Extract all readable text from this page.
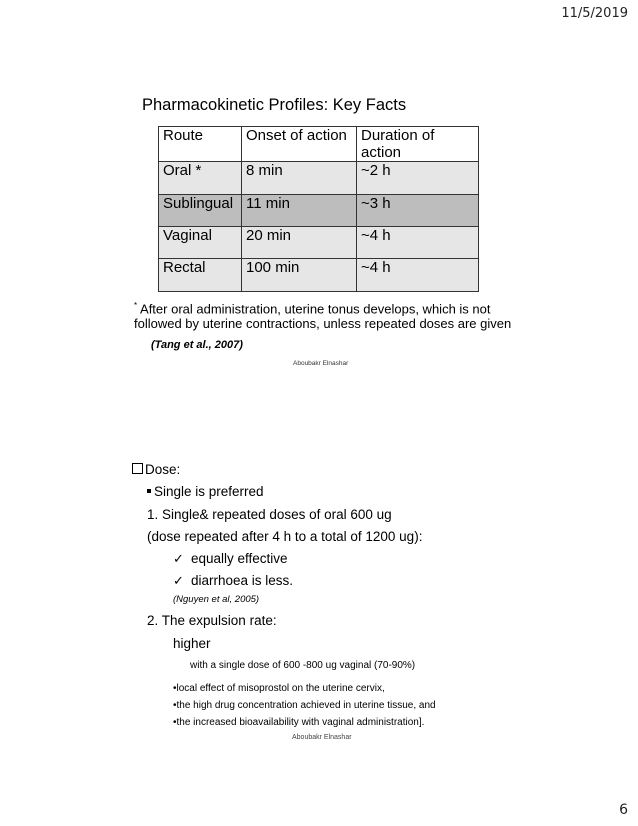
11/5/2019
Pharmacokinetic Profiles: Key Facts
Route	Onset of action	Duration of action
Oral *	8 min	~2 h
Sublingual	11 min	~3 h
Vaginal	20 min	~4 h
Rectal	100 min	~4 h
* After oral administration, uterine tonus develops, which is not
followed by uterine contractions, unless repeated doses are given
(Tang et al., 2007)
Aboubakr Elnashar
Dose:
Single is preferred
1. Single& repeated doses of oral 600 ug
(dose repeated after 4 h to a total of 1200 ug):
✓ equally effective
✓ diarrhoea is less.
(Nguyen et al, 2005)
2. The expulsion rate:
higher
with a single dose of 600 -800 ug vaginal (70-90%)
•local effect of misoprostol on the uterine cervix,
•the high drug concentration achieved in uterine tissue, and
•the increased bioavailability with vaginal administration].
Aboubakr Elnashar
6
